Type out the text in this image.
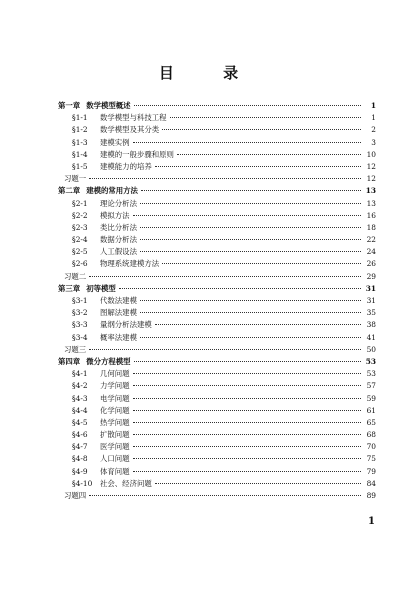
目 录
第一章 数学模型概述	1
§1-1	数学模型与科技工程	1
§1-2	数学模型及其分类	2
§1-3	建模实例	3
§1-4	建模的一般步骤和原则	10
§1-5	建模能力的培养	12
习题一	12
第二章 建模的常用方法	13
§2-1	理论分析法	13
§2-2	模拟方法	16
§2-3	类比分析法	18
§2-4	数据分析法	22
§2-5	人工假设法	24
§2-6	物理系统建模方法	26
习题二	29
第三章 初等模型	31
§3-1	代数法建模	31
§3-2	图解法建模	35
§3-3	量纲分析法建模	38
§3-4	概率法建模	41
习题三	50
第四章 微分方程模型	53
§4-1	几何问题	53
§4-2	力学问题	57
§4-3	电学问题	59
§4-4	化学问题	61
§4-5	热学问题	65
§4-6	扩散问题	68
§4-7	医学问题	70
§4-8	人口问题	75
§4-9	体育问题	79
§4-10	社会、经济问题	84
习题四	89
1
